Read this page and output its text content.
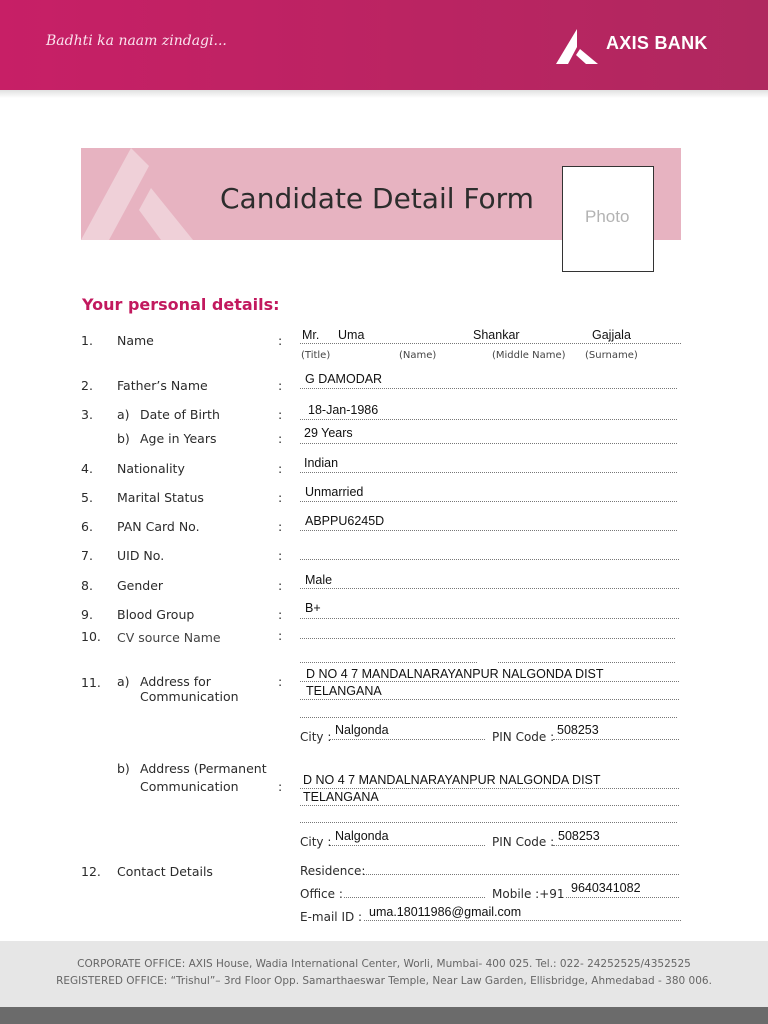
Badhti ka naam zindagi...	AXIS BANK
Candidate Detail Form
Photo
Your personal details:
1. Name	: Mr. Uma	Shankar	Gajjala
(Title)	(Name)	(Middle Name) (Surname)
2. Father’s Name	: G DAMODAR
3. a) Date of Birth	: 18-Jan-1986
b) Age in Years	: 29 Years
4. Nationality	: Indian
5. Marital Status	: Unmarried
6. PAN Card No.	: ABPPU6245D
7. UID No.	:
8. Gender	: Male
9. Blood Group	: B+
10. CV source Name	:
11. a) Address for
Communication
: D NO 4 7 MANDALNARAYANPUR NALGONDA DIST
TELANGANA
City : Nalgonda	PIN Code : 508253
b) Address (Permanent
Communication	: D NO 4 7 MANDALNARAYANPUR NALGONDA DIST
TELANGANA
City : Nalgonda	PIN Code : 508253
12. Contact Details	Residence:
Office :	Mobile :+91 9640341082
E-mail ID : uma.18011986@gmail.com
CORPORATE OFFICE: AXIS House, Wadia International Center, Worli, Mumbai- 400 025. Tel.: 022- 24252525/4352525
REGISTERED OFFICE: “Trishul”– 3rd Floor Opp. Samarthaeswar Temple, Near Law Garden, Ellisbridge, Ahmedabad - 380 006.
